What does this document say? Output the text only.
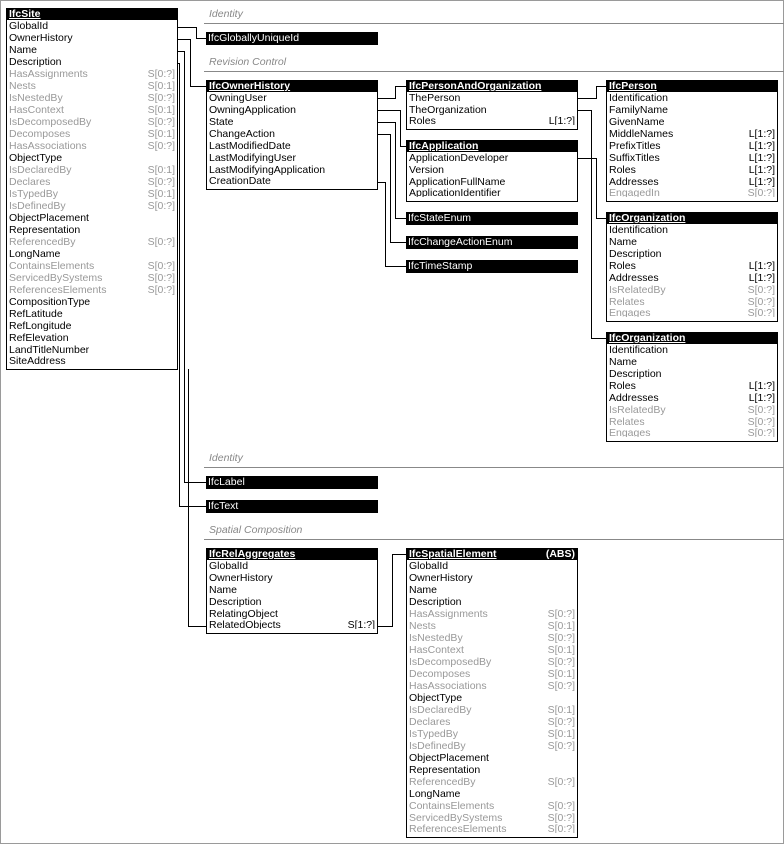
Identity
Revision Control
Identity
Spatial Composition
IfcSite
GlobalId
OwnerHistory
Name
Description
HasAssignments	S[0:?]
Nests	S[0:1]
IsNestedBy	S[0:?]
HasContext	S[0:1]
IsDecomposedBy	S[0:?]
Decomposes	S[0:1]
HasAssociations	S[0:?]
ObjectType
IsDeclaredBy	S[0:1]
Declares	S[0:?]
IsTypedBy	S[0:1]
IsDefinedBy	S[0:?]
ObjectPlacement
Representation
ReferencedBy	S[0:?]
LongName
ContainsElements	S[0:?]
ServicedBySystems	S[0:?]
ReferencesElements	S[0:?]
CompositionType
RefLatitude
RefLongitude
RefElevation
LandTitleNumber
SiteAddress
IfcOwnerHistory
OwningUser
OwningApplication
State
ChangeAction
LastModifiedDate
LastModifyingUser
LastModifyingApplication
CreationDate
IfcPersonAndOrganization
ThePerson
TheOrganization
Roles	L[1:?]
IfcApplication
ApplicationDeveloper
Version
ApplicationFullName
ApplicationIdentifier
IfcPerson
Identification
FamilyName
GivenName
MiddleNames	L[1:?]
PrefixTitles	L[1:?]
SuffixTitles	L[1:?]
Roles	L[1:?]
Addresses	L[1:?]
EngagedIn	S[0:?]
IfcOrganization
Identification
Name
Description
Roles	L[1:?]
Addresses	L[1:?]
IsRelatedBy	S[0:?]
Relates	S[0:?]
Engages	S[0:?]
IfcOrganization
Identification
Name
Description
Roles	L[1:?]
Addresses	L[1:?]
IsRelatedBy	S[0:?]
Relates	S[0:?]
Engages	S[0:?]
IfcRelAggregates
GlobalId
OwnerHistory
Name
Description
RelatingObject
RelatedObjects	S[1:?]
IfcSpatialElement	(ABS)
GlobalId
OwnerHistory
Name
Description
HasAssignments	S[0:?]
Nests	S[0:1]
IsNestedBy	S[0:?]
HasContext	S[0:1]
IsDecomposedBy	S[0:?]
Decomposes	S[0:1]
HasAssociations	S[0:?]
ObjectType
IsDeclaredBy	S[0:1]
Declares	S[0:?]
IsTypedBy	S[0:1]
IsDefinedBy	S[0:?]
ObjectPlacement
Representation
ReferencedBy	S[0:?]
LongName
ContainsElements	S[0:?]
ServicedBySystems	S[0:?]
ReferencesElements	S[0:?]
IfcGloballyUniqueId
IfcStateEnum
IfcChangeActionEnum
IfcTimeStamp
IfcLabel
IfcText
